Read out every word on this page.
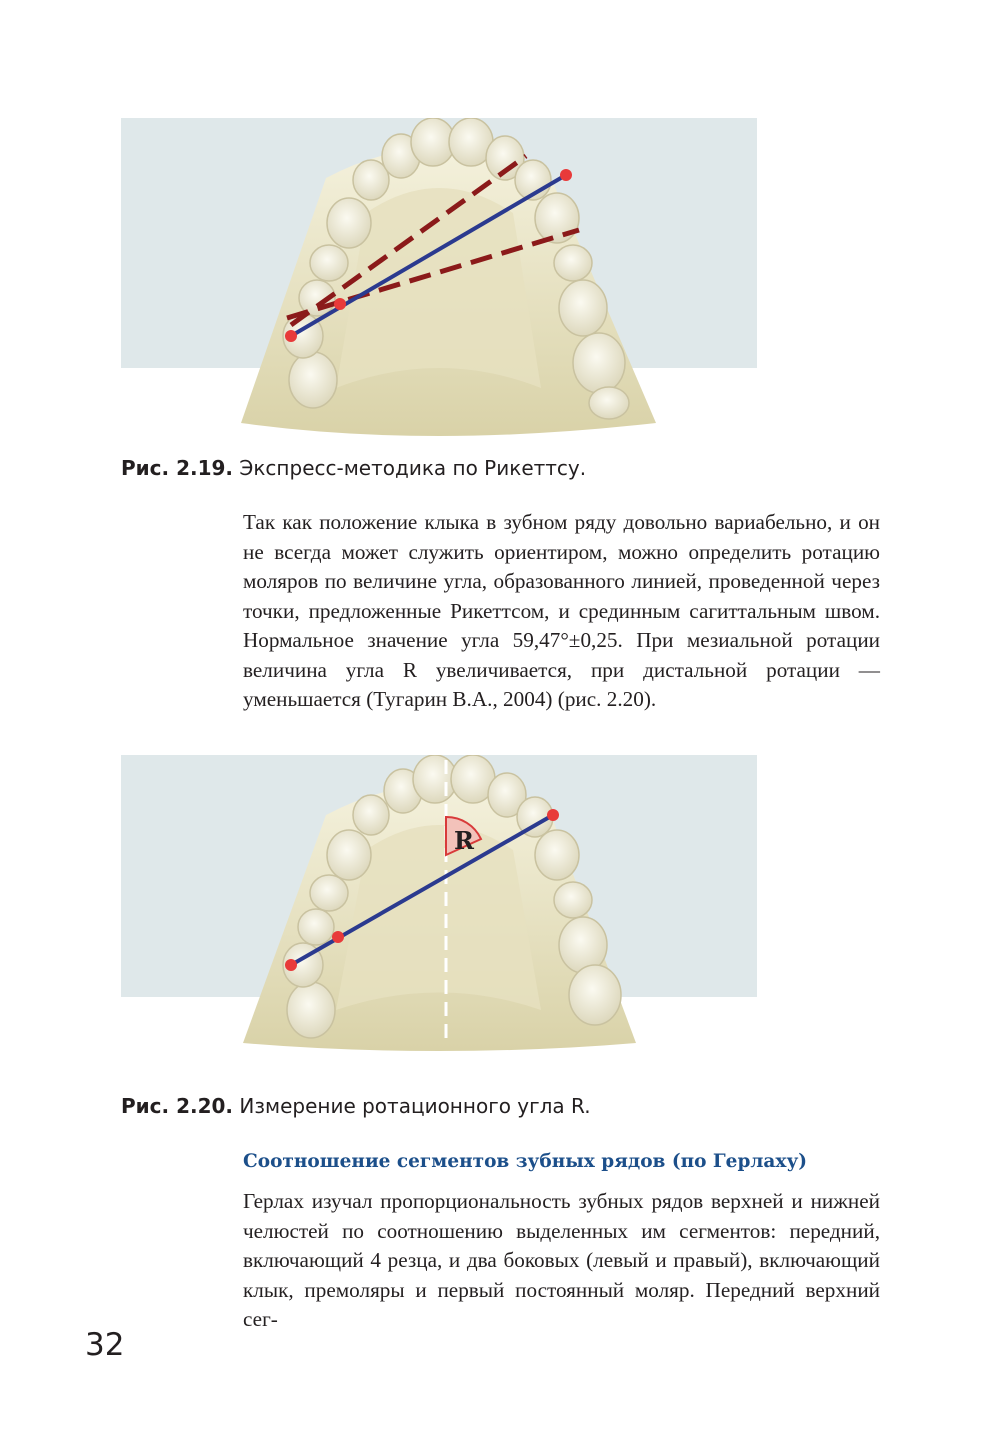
Рис. 2.19. Экспресс-методика по Рикеттсу.

Так как положение клыка в зубном ряду довольно вариабельно, и он не всегда может служить ориентиром, можно определить ротацию моляров по величине угла, образованного линией, проведенной через точки, предложенные Рикеттсом, и срединным сагиттальным швом. Нормальное значение угла 59,47°±0,25. При мезиальной ротации величина угла R увеличивается, при дистальной ротации — уменьшается (Тугарин В.А., 2004) (рис. 2.20).

R
Рис. 2.20. Измерение ротационного угла R.
Соотношение сегментов зубных рядов (по Герлаху)

Герлах изучал пропорциональность зубных рядов верхней и нижней челюстей по соотношению выделенных им сегментов: передний, включающий 4 резца, и два боковых (левый и правый), включающий клык, премоляры и первый постоянный моляр. Передний верхний сег-

32
